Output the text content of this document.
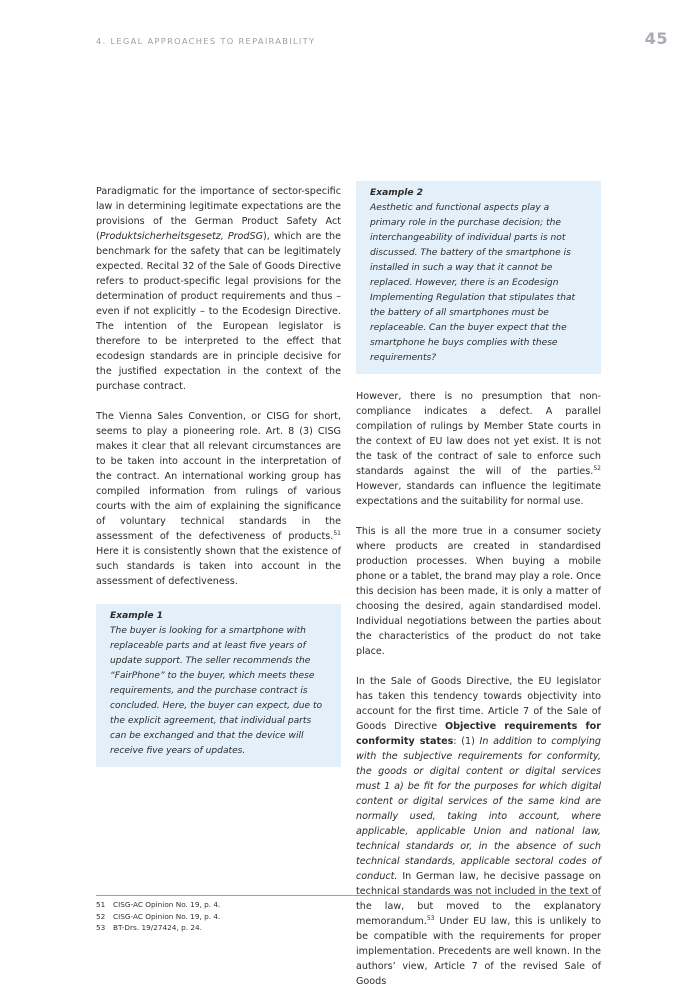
4. LEGAL APPROACHES TO REPAIRABILITY	45

Paradigmatic for the importance of sector-specific law in determining legitimate expectations are the provisions of the German Product Safety Act (Produktsicherheitsgesetz, ProdSG), which are the benchmark for the safety that can be legitimately expected. Recital 32 of the Sale of Goods Directive refers to product-specific legal provisions for the determination of product requirements and thus – even if not explicitly – to the Ecodesign Directive. The intention of the European legislator is therefore to be interpreted to the effect that ecodesign standards are in principle decisive for the justified expectation in the context of the purchase contract.

The Vienna Sales Convention, or CISG for short, seems to play a pioneering role. Art. 8 (3) CISG makes it clear that all relevant circumstances are to be taken into account in the interpretation of the contract. An international working group has compiled information from rulings of various courts with the aim of explaining the significance of voluntary technical standards in the assessment of the defectiveness of products.$^{51}$ Here it is consistently shown that the existence of such standards is taken into account in the assessment of defectiveness.

Example 1
The buyer is looking for a smartphone with replaceable parts and at least five years of update support. The seller recommends the “FairPhone” to the buyer, which meets these requirements, and the purchase contract is concluded. Here, the buyer can expect, due to the explicit agreement, that individual parts can be exchanged and that the device will receive five years of updates.
Example 2
Aesthetic and functional aspects play a primary role in the purchase decision; the interchangeability of individual parts is not discussed. The battery of the smartphone is installed in such a way that it cannot be replaced. However, there is an Ecodesign Implementing Regulation that stipulates that the battery of all smartphones must be replaceable. Can the buyer expect that the smartphone he buys complies with these requirements?

However, there is no presumption that non-compliance indicates a defect. A parallel compilation of rulings by Member State courts in the context of EU law does not yet exist. It is not the task of the contract of sale to enforce such standards against the will of the parties.$^{52}$ However, standards can influence the legitimate expectations and the suitability for normal use.

This is all the more true in a consumer society where products are created in standardised production processes. When buying a mobile phone or a tablet, the brand may play a role. Once this decision has been made, it is only a matter of choosing the desired, again standardised model. Individual negotiations between the parties about the characteristics of the product do not take place.

In the Sale of Goods Directive, the EU legislator has taken this tendency towards objectivity into account for the first time. Article 7 of the Sale of Goods Directive Objective requirements for conformity states: (1) In addition to complying with the subjective requirements for conformity, the goods or digital content or digital services must 1 a) be fit for the purposes for which digital content or digital services of the same kind are normally used, taking into account, where applicable, applicable Union and national law, technical standards or, in the absence of such technical standards, applicable sectoral codes of conduct. In German law, he decisive passage on technical standards was not included in the text of the law, but moved to the explanatory memorandum.$^{53}$ Under EU law, this is unlikely to be compatible with the requirements for proper implementation. Precedents are well known. In the authors’ view, Article 7 of the revised Sale of Goods

51 CISG-AC Opinion No. 19, p. 4.
52 CISG-AC Opinion No. 19, p. 4.
53 BT-Drs. 19/27424, p. 24.
